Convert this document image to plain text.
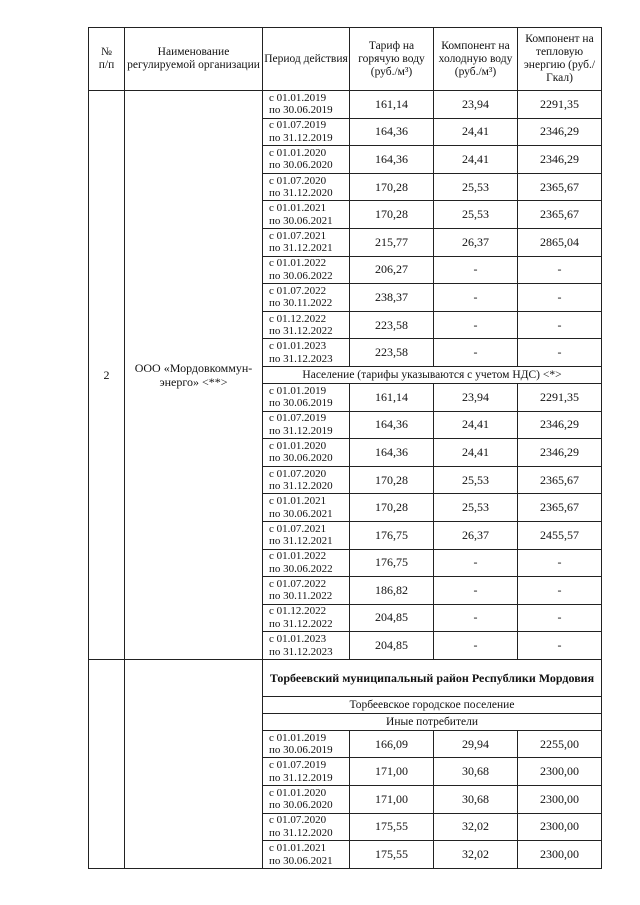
№
п/п	Наименование регулируемой организации	Период действия	Тариф на горячую воду (руб./м³)	Компонент на холодную воду (руб./м³)	Компонент на тепловую энергию (руб./Гкал)
2	ООО «Мордовкоммун-энерго» <**>	с 01.01.2019
по 30.06.2019	161,14	23,94	2291,35

		с 01.07.2019
по 31.12.2019	164,36	24,41	2346,29

		с 01.01.2020
по 30.06.2020	164,36	24,41	2346,29

		с 01.07.2020
по 31.12.2020	170,28	25,53	2365,67

		с 01.01.2021
по 30.06.2021	170,28	25,53	2365,67

		с 01.07.2021
по 31.12.2021	215,77	26,37	2865,04

		с 01.01.2022
по 30.06.2022	206,27	-	-

		с 01.07.2022
по 30.11.2022	238,37	-	-

		с 01.12.2022
по 31.12.2022	223,58	-	-

		с 01.01.2023
по 31.12.2023	223,58	-	-
		Население (тарифы указываются с учетом НДС) <*>			

		с 01.01.2019
по 30.06.2019	161,14	23,94	2291,35

		с 01.07.2019
по 31.12.2019	164,36	24,41	2346,29

		с 01.01.2020
по 30.06.2020	164,36	24,41	2346,29

		с 01.07.2020
по 31.12.2020	170,28	25,53	2365,67

		с 01.01.2021
по 30.06.2021	170,28	25,53	2365,67

		с 01.07.2021
по 31.12.2021	176,75	26,37	2455,57

		с 01.01.2022
по 30.06.2022	176,75	-	-

		с 01.07.2022
по 30.11.2022	186,82	-	-

		с 01.12.2022
по 31.12.2022	204,85	-	-

		с 01.01.2023
по 31.12.2023	204,85	-	-
		Торбеевский муниципальный район Республики Мордовия			
		Торбеевское городское поселение			
		Иные потребители			

		с 01.01.2019
по 30.06.2019	166,09	29,94	2255,00

		с 01.07.2019
по 31.12.2019	171,00	30,68	2300,00

		с 01.01.2020
по 30.06.2020	171,00	30,68	2300,00

		с 01.07.2020
по 31.12.2020	175,55	32,02	2300,00

		с 01.01.2021
по 30.06.2021	175,55	32,02	2300,00
